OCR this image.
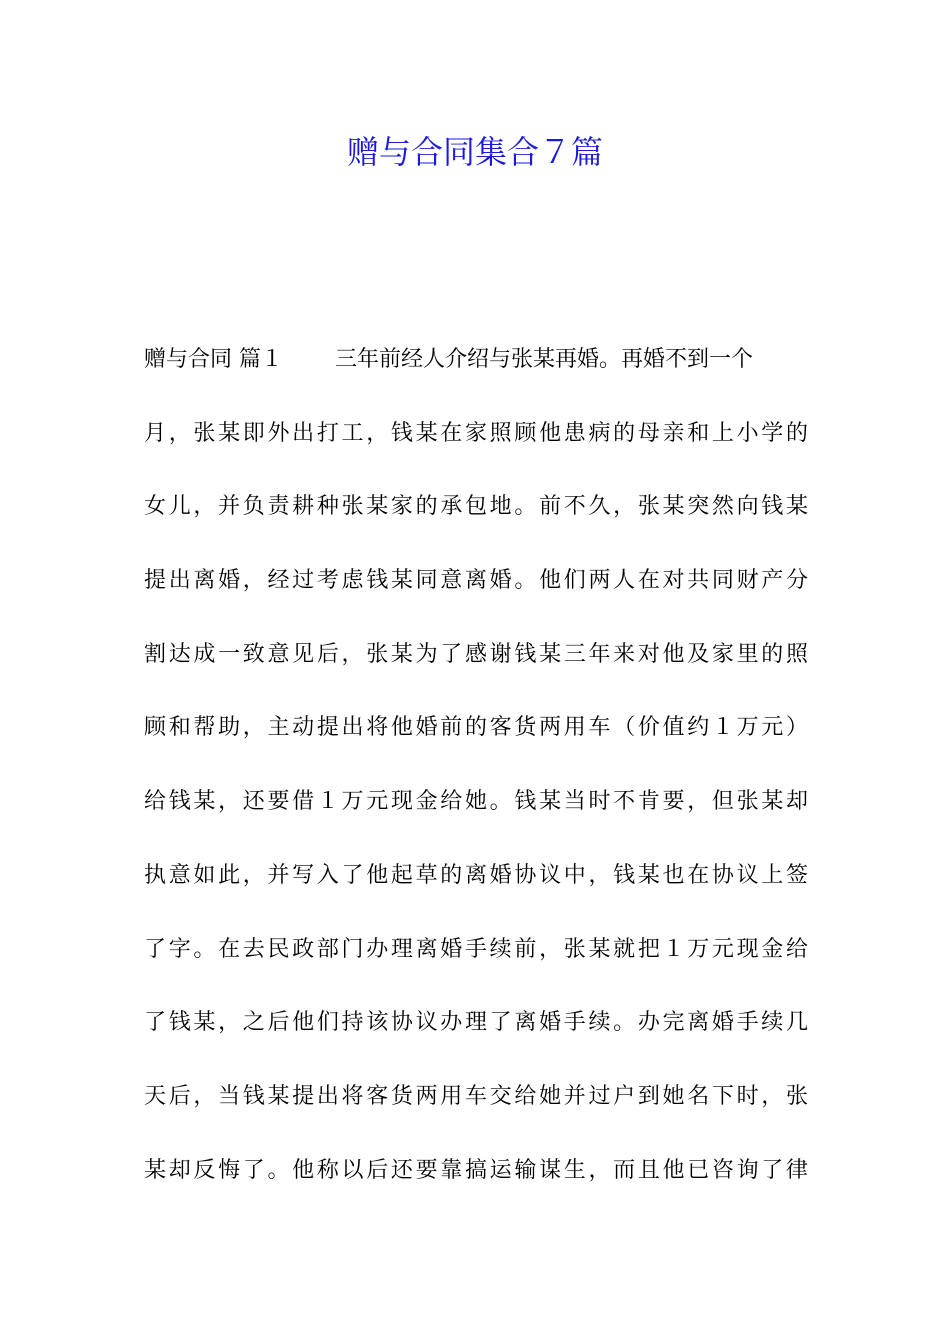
赠与合同集合７篇
赠与合同 篇１ 三年前经人介绍与张某再婚。再婚不到一个
月，张某即外出打工，钱某在家照顾他患病的母亲和上小学的
女儿，并负责耕种张某家的承包地。前不久，张某突然向钱某
提出离婚，经过考虑钱某同意离婚。他们两人在对共同财产分
割达成一致意见后，张某为了感谢钱某三年来对他及家里的照
顾和帮助，主动提出将他婚前的客货两用车（价值约１万元）
给钱某，还要借１万元现金给她。钱某当时不肯要，但张某却
执意如此，并写入了他起草的离婚协议中，钱某也在协议上签
了字。在去民政部门办理离婚手续前，张某就把１万元现金给
了钱某，之后他们持该协议办理了离婚手续。办完离婚手续几
天后，当钱某提出将客货两用车交给她并过户到她名下时，张
某却反悔了。他称以后还要靠搞运输谋生，而且他已咨询了律
